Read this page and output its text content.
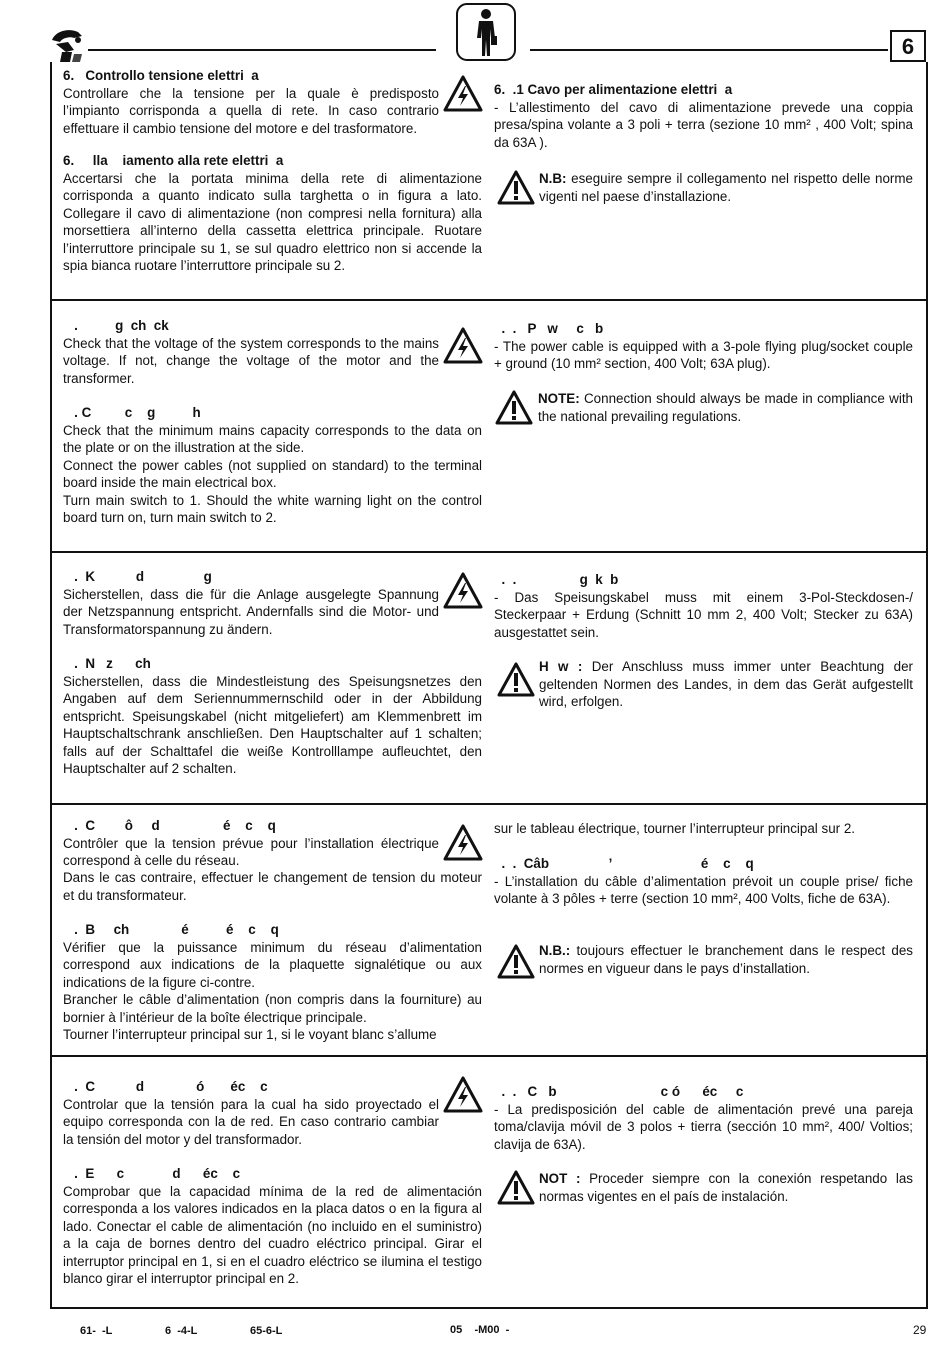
6
6.   Controllo tensione elettri  a

Controllare che la tensione per la quale è predisposto l’impianto corrisponda a quella di rete. In caso contrario effettuare il cambio tensione del motore e del trasformatore.

6.     lla    iamento alla rete elettri  a

Accertarsi che la portata minima della rete di alimentazione corrisponda a quanto indicato sulla targhetta o in figura a lato. Collegare il cavo di alimentazione (non compresi nella fornitura) alla morsettiera all’interno della cassetta elettrica principale. Ruotare l’interruttore principale su 1, se sul quadro elettrico non si accende la spia bianca ruotare l’interruttore principale su 2.

6.  .1 Cavo per alimentazione elettri  a

- L’allestimento del cavo di alimentazione prevede una coppia presa/spina volante a 3 poli + terra (sezione 10 mm² , 400 Volt; spina da 63A ).

N.B: eseguire sempre il collegamento nel rispetto delle norme vigenti nel paese d’installazione.
.          g  ch  ck

Check that the voltage of the system corresponds to the mains voltage. If not, change the voltage of the motor and the transformer.

. C         c    g          h

Check that the minimum mains capacity corresponds to the data on the plate or on the illustration at the side.

Connect the power cables (not supplied on standard) to the terminal board inside the main electrical box.

Turn main switch to 1. Should the white warning light on the control board turn on, turn main switch to 2.

.  .   P   w     c   b

- The power cable is equipped with a 3-pole flying plug/socket couple + ground (10 mm² section, 400 Volt; 63A plug).

NOTE: Connection should always be made in compliance with the national prevailing regulations.
.  K           d                g

Sicherstellen, dass die für die Anlage ausgelegte Spannung der Netzspannung entspricht. Andernfalls sind die Motor- und Transformatorspannung zu ändern.

.  N   z      ch

Sicherstellen, dass die Mindestleistung des Speisungsnetzes den Angaben auf dem Seriennummernschild oder in der Abbildung entspricht. Speisungskabel (nicht mitgeliefert) am Klemmenbrett im Hauptschaltschrank anschließen. Den Hauptschalter auf 1 schalten; falls auf der Schalttafel die weiße Kontrolllampe aufleuchtet, den Hauptschalter auf 2 schalten.

.  .                 g  k  b

- Das Speisungskabel muss mit einem 3-Pol-Steckdosen-/ Steckerpaar + Erdung (Schnitt 10 mm 2, 400 Volt; Stecker zu 63A) ausgestattet sein.

H w : Der Anschluss muss immer unter Beachtung der geltenden Normen des Landes, in dem das Gerät aufgestellt wird, erfolgen.
.  C        ô     d                 é    c    q

Contrôler que la tension prévue pour l’installation électrique correspond à celle du réseau.

Dans le cas contraire, effectuer le changement de tension du moteur et du transformateur.

.  B     ch              é          é    c    q

Vérifier que la puissance minimum du réseau d’alimentation correspond aux indications de la plaquette signalétique ou aux indications de la figure ci-contre.

Brancher le câble d’alimentation (non compris dans la fourniture) au bornier à l’intérieur de la boîte électrique principale.

Tourner l’interrupteur principal sur 1, si le voyant blanc s’allume

sur le tableau électrique, tourner l’interrupteur principal sur 2.

.  .  Câb                ’                        é    c    q

- L’installation du câble d’alimentation prévoit un couple prise/ fiche volante à 3 pôles + terre (section 10 mm², 400 Volts, fiche de 63A).

N.B.: toujours effectuer le branchement dans le respect des normes en vigueur dans le pays d’installation.
.  C           d              ó       éc    c

Controlar que la tensión para la cual ha sido proyectado el equipo corresponda con la de red. En caso contrario cambiar la tensión del motor y del transformador.

.  E      c             d      éc    c

Comprobar que la capacidad mínima de la red de alimentación corresponda a los valores indicados en la placa datos o en la figura al lado. Conectar el cable de alimentación (no incluido en el suministro) a la caja de bornes dentro del cuadro eléctrico principal. Girar el interruptor principal en 1, si en el cuadro eléctrico se ilumina el testigo blanco girar el interruptor principal en 2.

.  .   C   b                            c ó      éc     c

- La predisposición del cable de alimentación prevé una pareja toma/clavija móvil de 3 polos + tierra (sección 10 mm², 400/ Voltios; clavija de 63A).

NOT : Proceder siempre con la conexión respetando las normas vigentes en el país de instalación.
61-  -L	6  -4-L	65-6-L	05    -M00  -	29
